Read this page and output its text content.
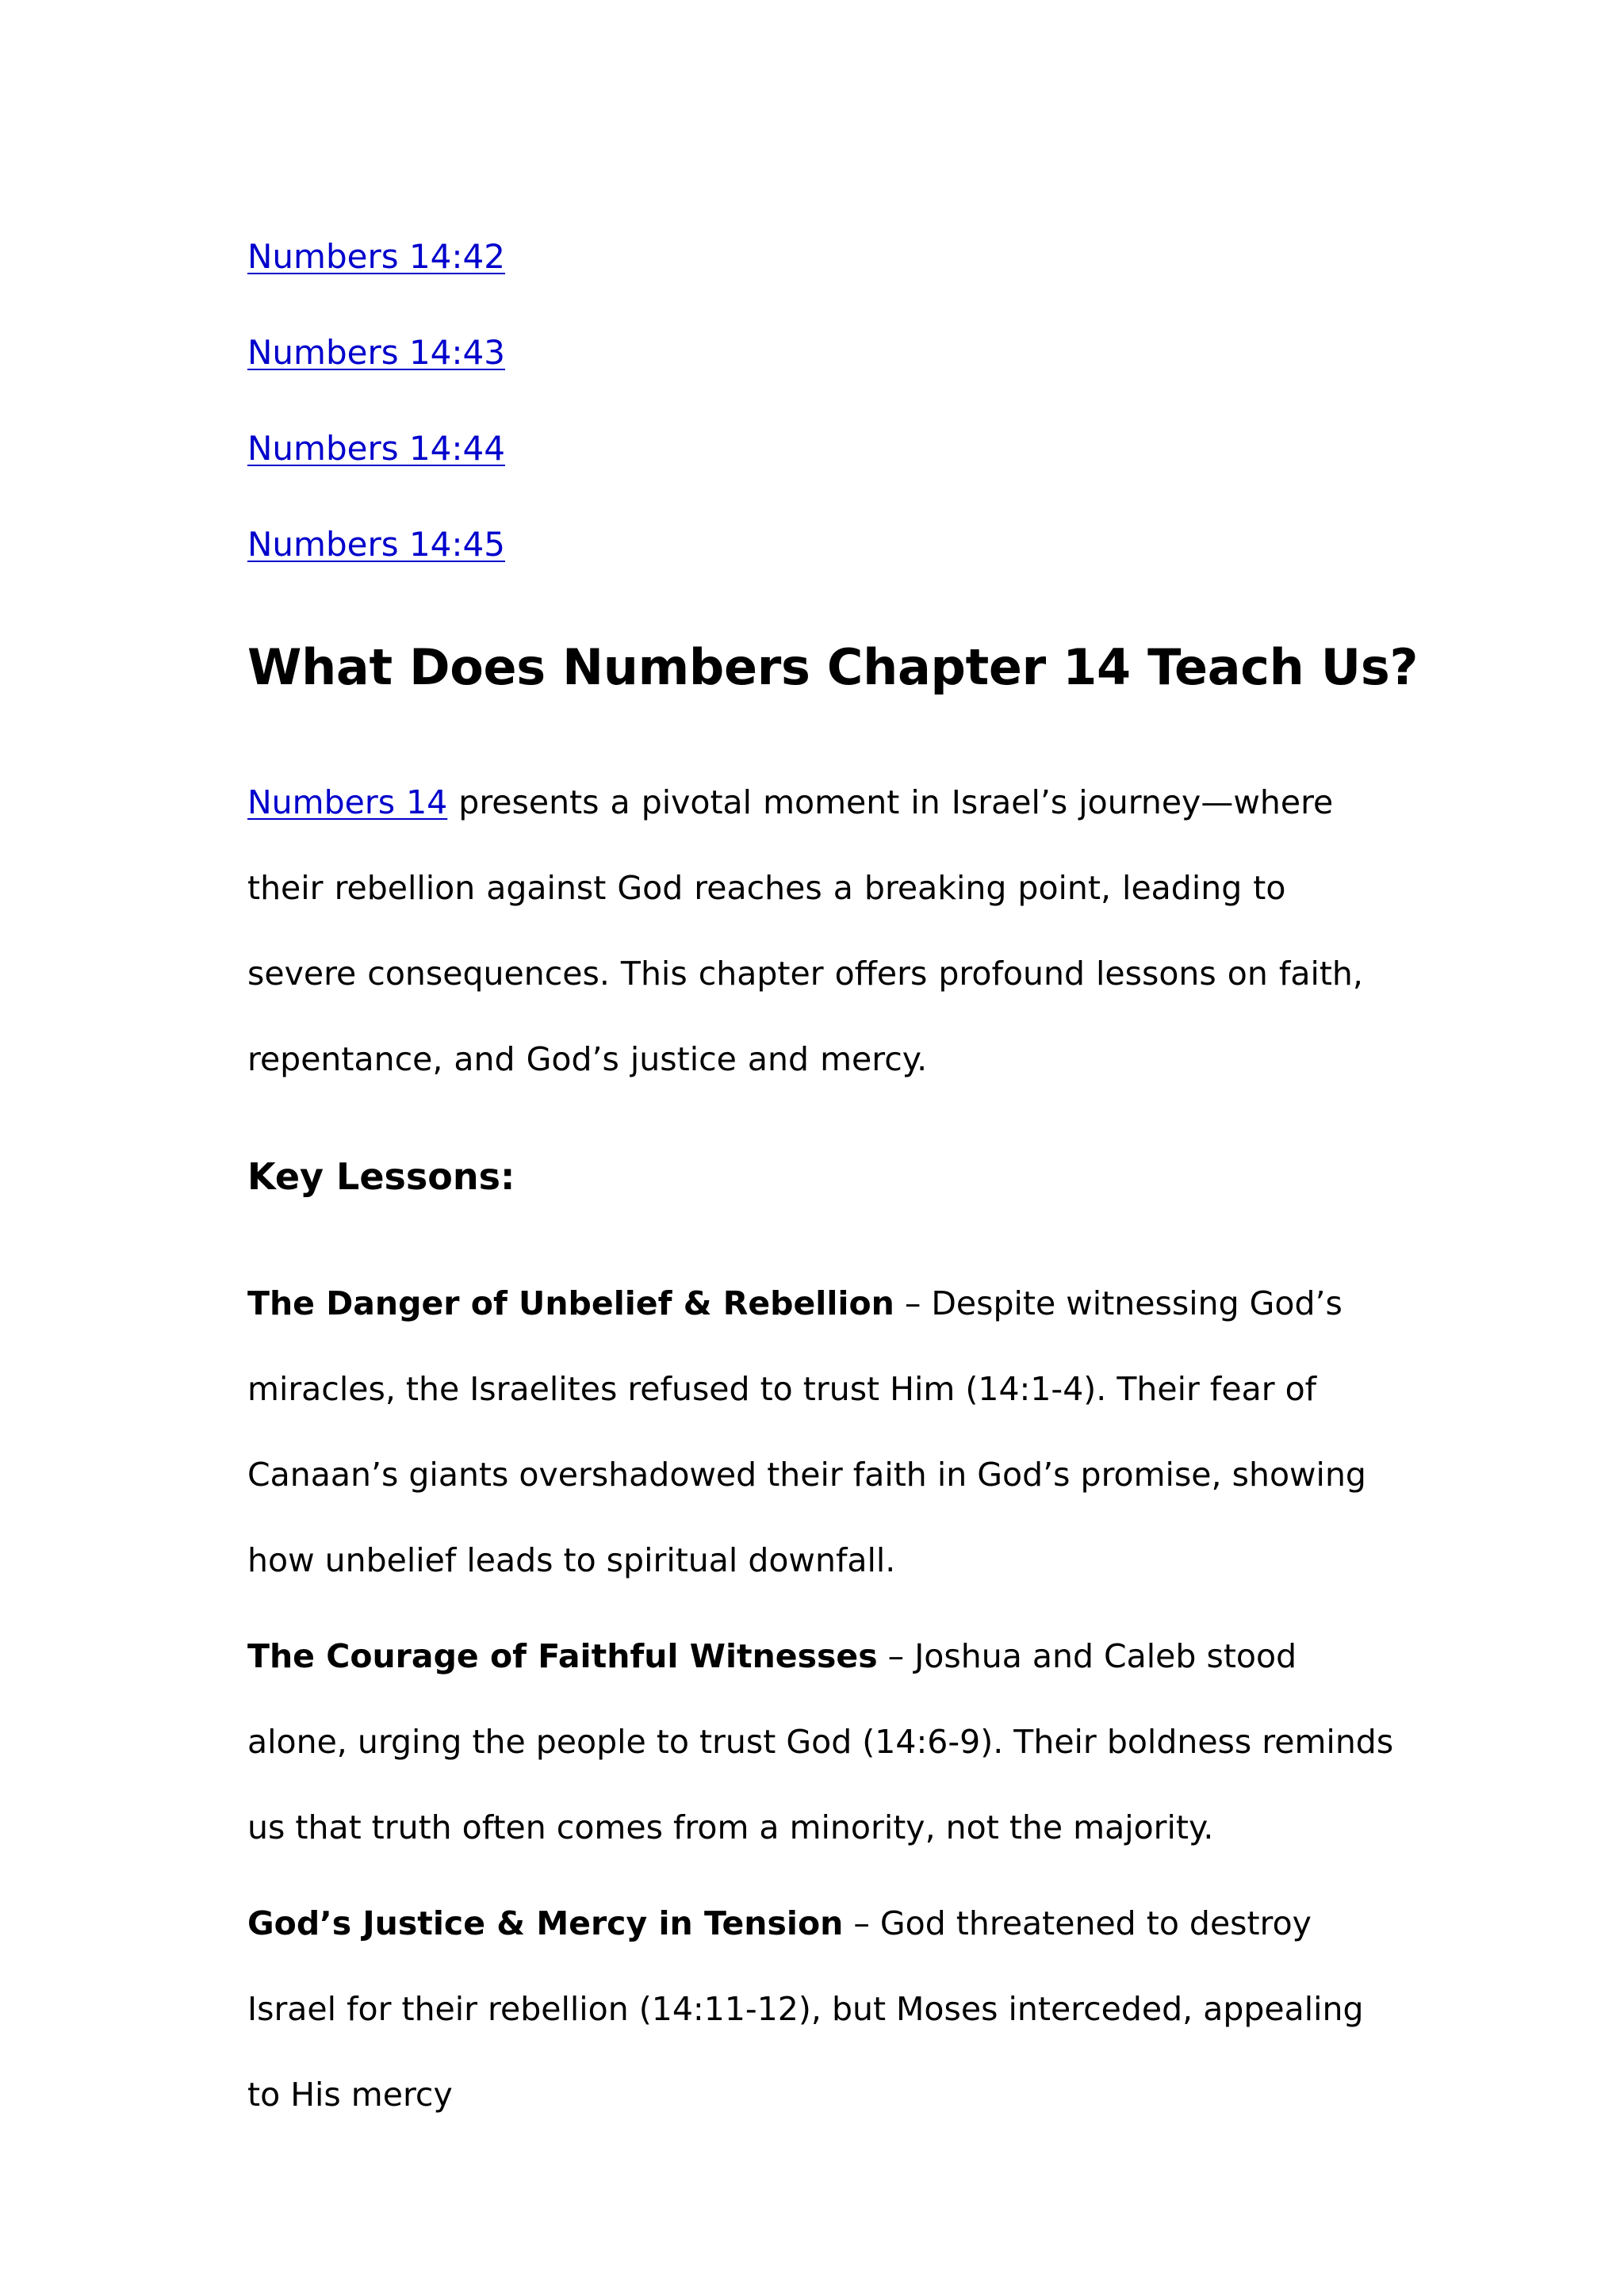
Numbers 14:42
Numbers 14:43
Numbers 14:44
Numbers 14:45
What Does Numbers Chapter 14 Teach Us?

Numbers 14 presents a pivotal moment in Israel’s journey—where their rebellion against God reaches a breaking point, leading to severe consequences. This chapter offers profound lessons on faith, repentance, and God’s justice and mercy.

Key Lessons:

The Danger of Unbelief & Rebellion – Despite witnessing God’s miracles, the Israelites refused to trust Him (14:1-4). Their fear of Canaan’s giants overshadowed their faith in God’s promise, showing how unbelief leads to spiritual downfall.

The Courage of Faithful Witnesses – Joshua and Caleb stood alone, urging the people to trust God (14:6-9). Their boldness reminds us that truth often comes from a minority, not the majority.

God’s Justice & Mercy in Tension – God threatened to destroy Israel for their rebellion (14:11-12), but Moses interceded, appealing to His mercy
